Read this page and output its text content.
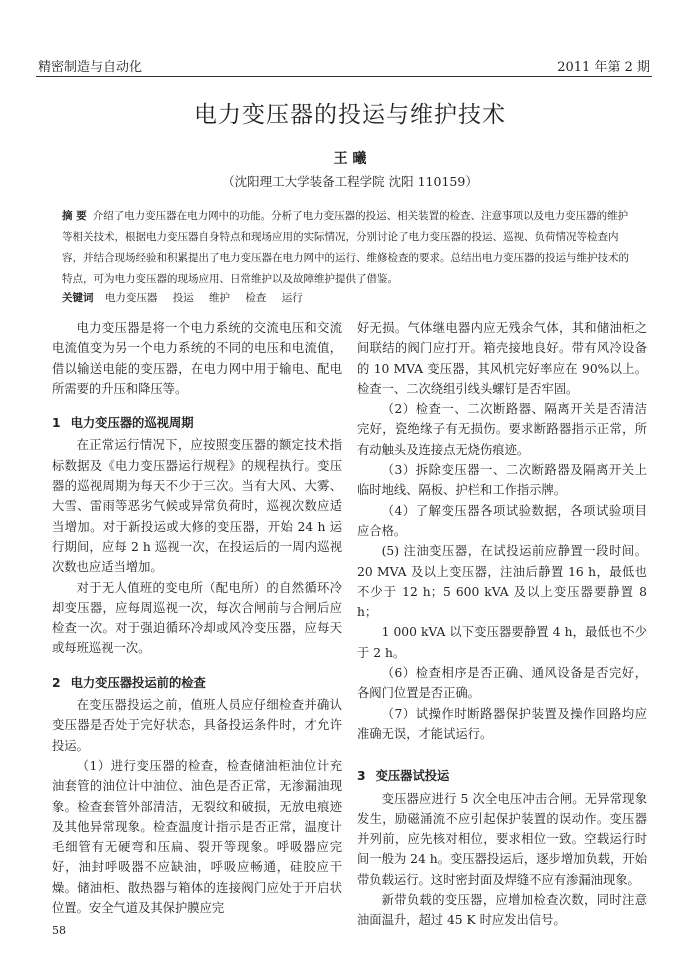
精密制造与自动化	2011 年第 2 期
电力变压器的投运与维护技术
王 曦
（沈阳理工大学装备工程学院 沈阳 110159）
摘 要 介绍了电力变压器在电力网中的功能。分析了电力变压器的投运、相关装置的检查、注意事项以及电力变压器的维护等相关技术，根据电力变压器自身特点和现场应用的实际情况，分别讨论了电力变压器的投运、巡视、负荷情况等检查内容，并结合现场经验和积累提出了电力变压器在电力网中的运行、维修检查的要求。总结出电力变压器的投运与维护技术的特点，可为电力变压器的现场应用、日常维护以及故障维护提供了借鉴。
关键词 电力变压器 投运 维护 检查 运行

电力变压器是将一个电力系统的交流电压和交流电流值变为另一个电力系统的不同的电压和电流值，借以输送电能的变压器，在电力网中用于输电、配电所需要的升压和降压等。

1 电力变压器的巡视周期

在正常运行情况下，应按照变压器的额定技术指标数据及《电力变压器运行规程》的规程执行。变压器的巡视周期为每天不少于三次。当有大风、大雾、大雪、雷雨等恶劣气候或异常负荷时，巡视次数应适当增加。对于新投运或大修的变压器，开始 24 h 运行期间，应每 2 h 巡视一次，在投运后的一周内巡视次数也应适当增加。

对于无人值班的变电所（配电所）的自然循环冷却变压器，应每周巡视一次，每次合闸前与合闸后应检查一次。对于强迫循环冷却或风冷变压器，应每天或每班巡视一次。

2 电力变压器投运前的检查

在变压器投运之前，值班人员应仔细检查并确认变压器是否处于完好状态，具备投运条件时，才允许投运。

（1）进行变压器的检查，检查储油柜油位计充油套管的油位计中油位、油色是否正常，无渗漏油现象。检查套管外部清洁，无裂纹和破损，无放电痕迹及其他异常现象。检查温度计指示是否正常，温度计毛细管有无硬弯和压扁、裂开等现象。呼吸器应完好，油封呼吸器不应缺油，呼吸应畅通，硅胶应干燥。储油柜、散热器与箱体的连接阀门应处于开启状位置。安全气道及其保护膜应完

好无损。气体继电器内应无残余气体，其和储油柜之间联结的阀门应打开。箱壳接地良好。带有风冷设备的 10 MVA 变压器，其风机完好率应在 90%以上。检查一、二次绕组引线头螺钉是否牢固。

（2）检查一、二次断路器、隔离开关是否清洁完好，瓷绝缘子有无损伤。要求断路器指示正常，所有动触头及连接点无烧伤痕迹。

（3）拆除变压器一、二次断路器及隔离开关上临时地线、隔板、护栏和工作指示牌。

（4）了解变压器各项试验数据，各项试验项目应合格。

(5) 注油变压器，在试投运前应静置一段时间。20 MVA 及以上变压器，注油后静置 16 h，最低也不少于 12 h；5 600 kVA 及以上变压器要静置 8 h；

1 000 kVA 以下变压器要静置 4 h，最低也不少于 2 h。

（6）检查相序是否正确、通风设备是否完好，各阀门位置是否正确。

（7）试操作时断路器保护装置及操作回路均应准确无误，才能试运行。

3 变压器试投运

变压器应进行 5 次全电压冲击合闸。无异常现象发生，励磁涌流不应引起保护装置的误动作。变压器并列前，应先核对相位，要求相位一致。空载运行时间一般为 24 h。变压器投运后，逐步增加负载，开始带负载运行。这时密封面及焊缝不应有渗漏油现象。

新带负载的变压器，应增加检查次数，同时注意油面温升，超过 45 K 时应发出信号。

58
